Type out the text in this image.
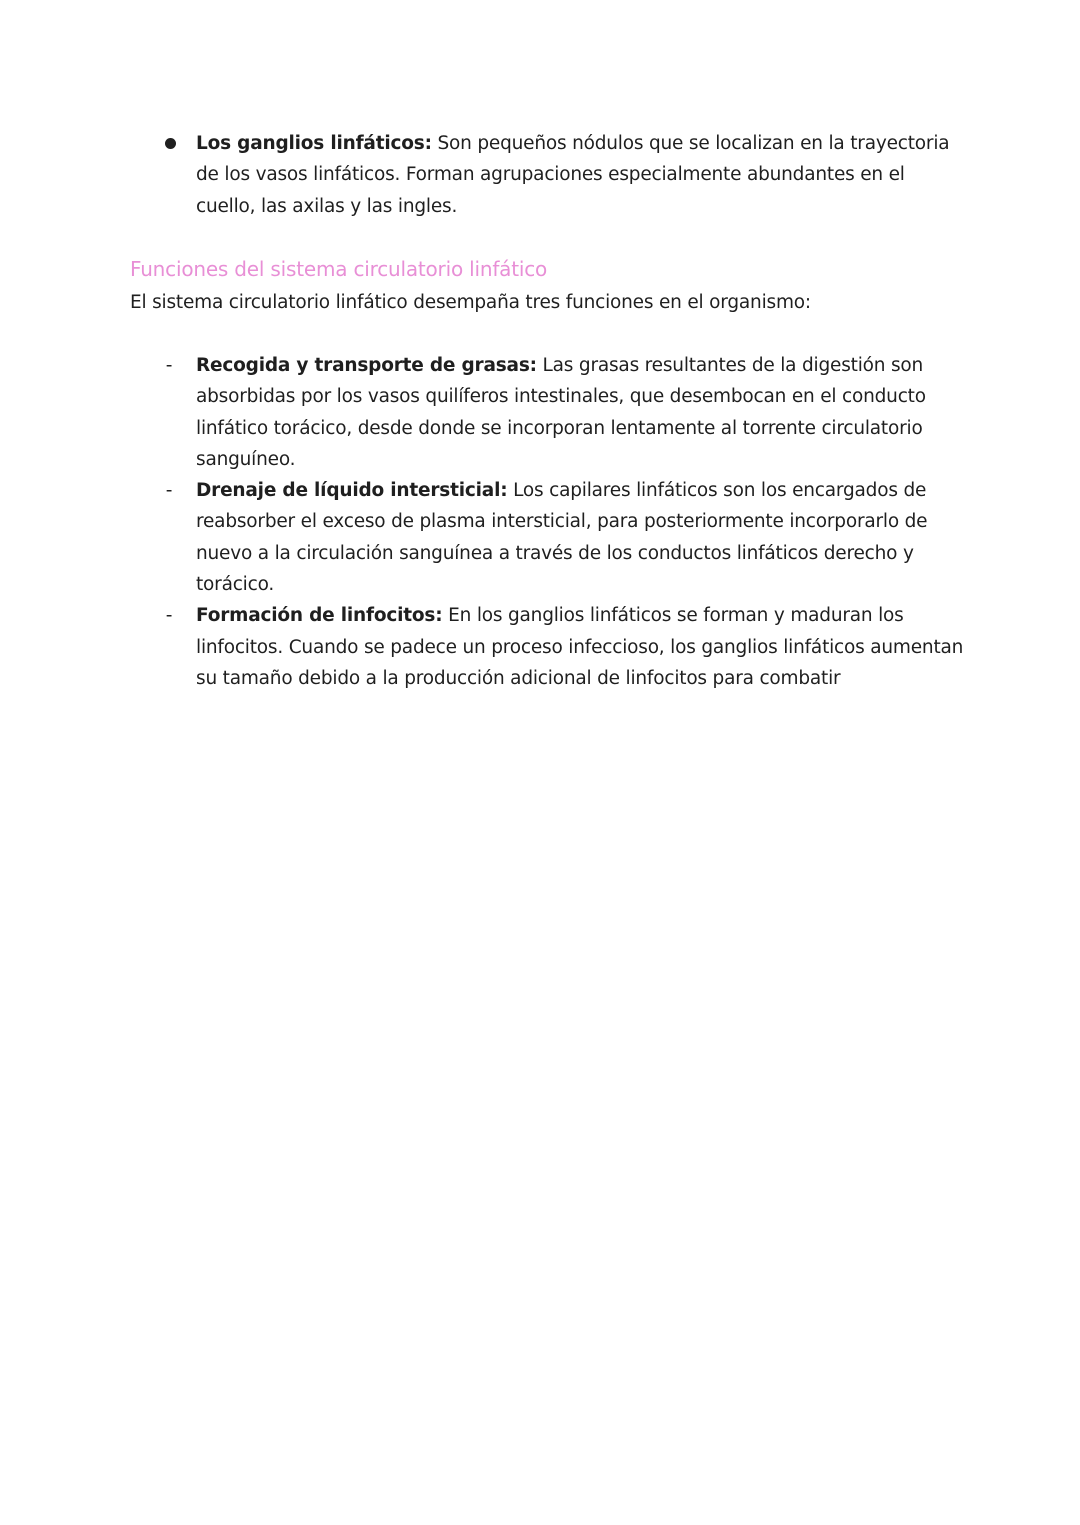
Los ganglios linfáticos: Son pequeños nódulos que se localizan en la trayectoria de los vasos linfáticos. Forman agrupaciones especialmente abundantes en el cuello, las axilas y las ingles.

Funciones del sistema circulatorio linfático
El sistema circulatorio linfático desempaña tres funciones en el organismo:

- Recogida y transporte de grasas: Las grasas resultantes de la digestión son absorbidas por los vasos quilíferos intestinales, que desembocan en el conducto linfático torácico, desde donde se incorporan lentamente al torrente circulatorio sanguíneo.

- Drenaje de líquido intersticial: Los capilares linfáticos son los encargados de reabsorber el exceso de plasma intersticial, para posteriormente incorporarlo de nuevo a la circulación sanguínea a través de los conductos linfáticos derecho y torácico.

- Formación de linfocitos: En los ganglios linfáticos se forman y maduran los linfocitos. Cuando se padece un proceso infeccioso, los ganglios linfáticos aumentan su tamaño debido a la producción adicional de linfocitos para combatir
